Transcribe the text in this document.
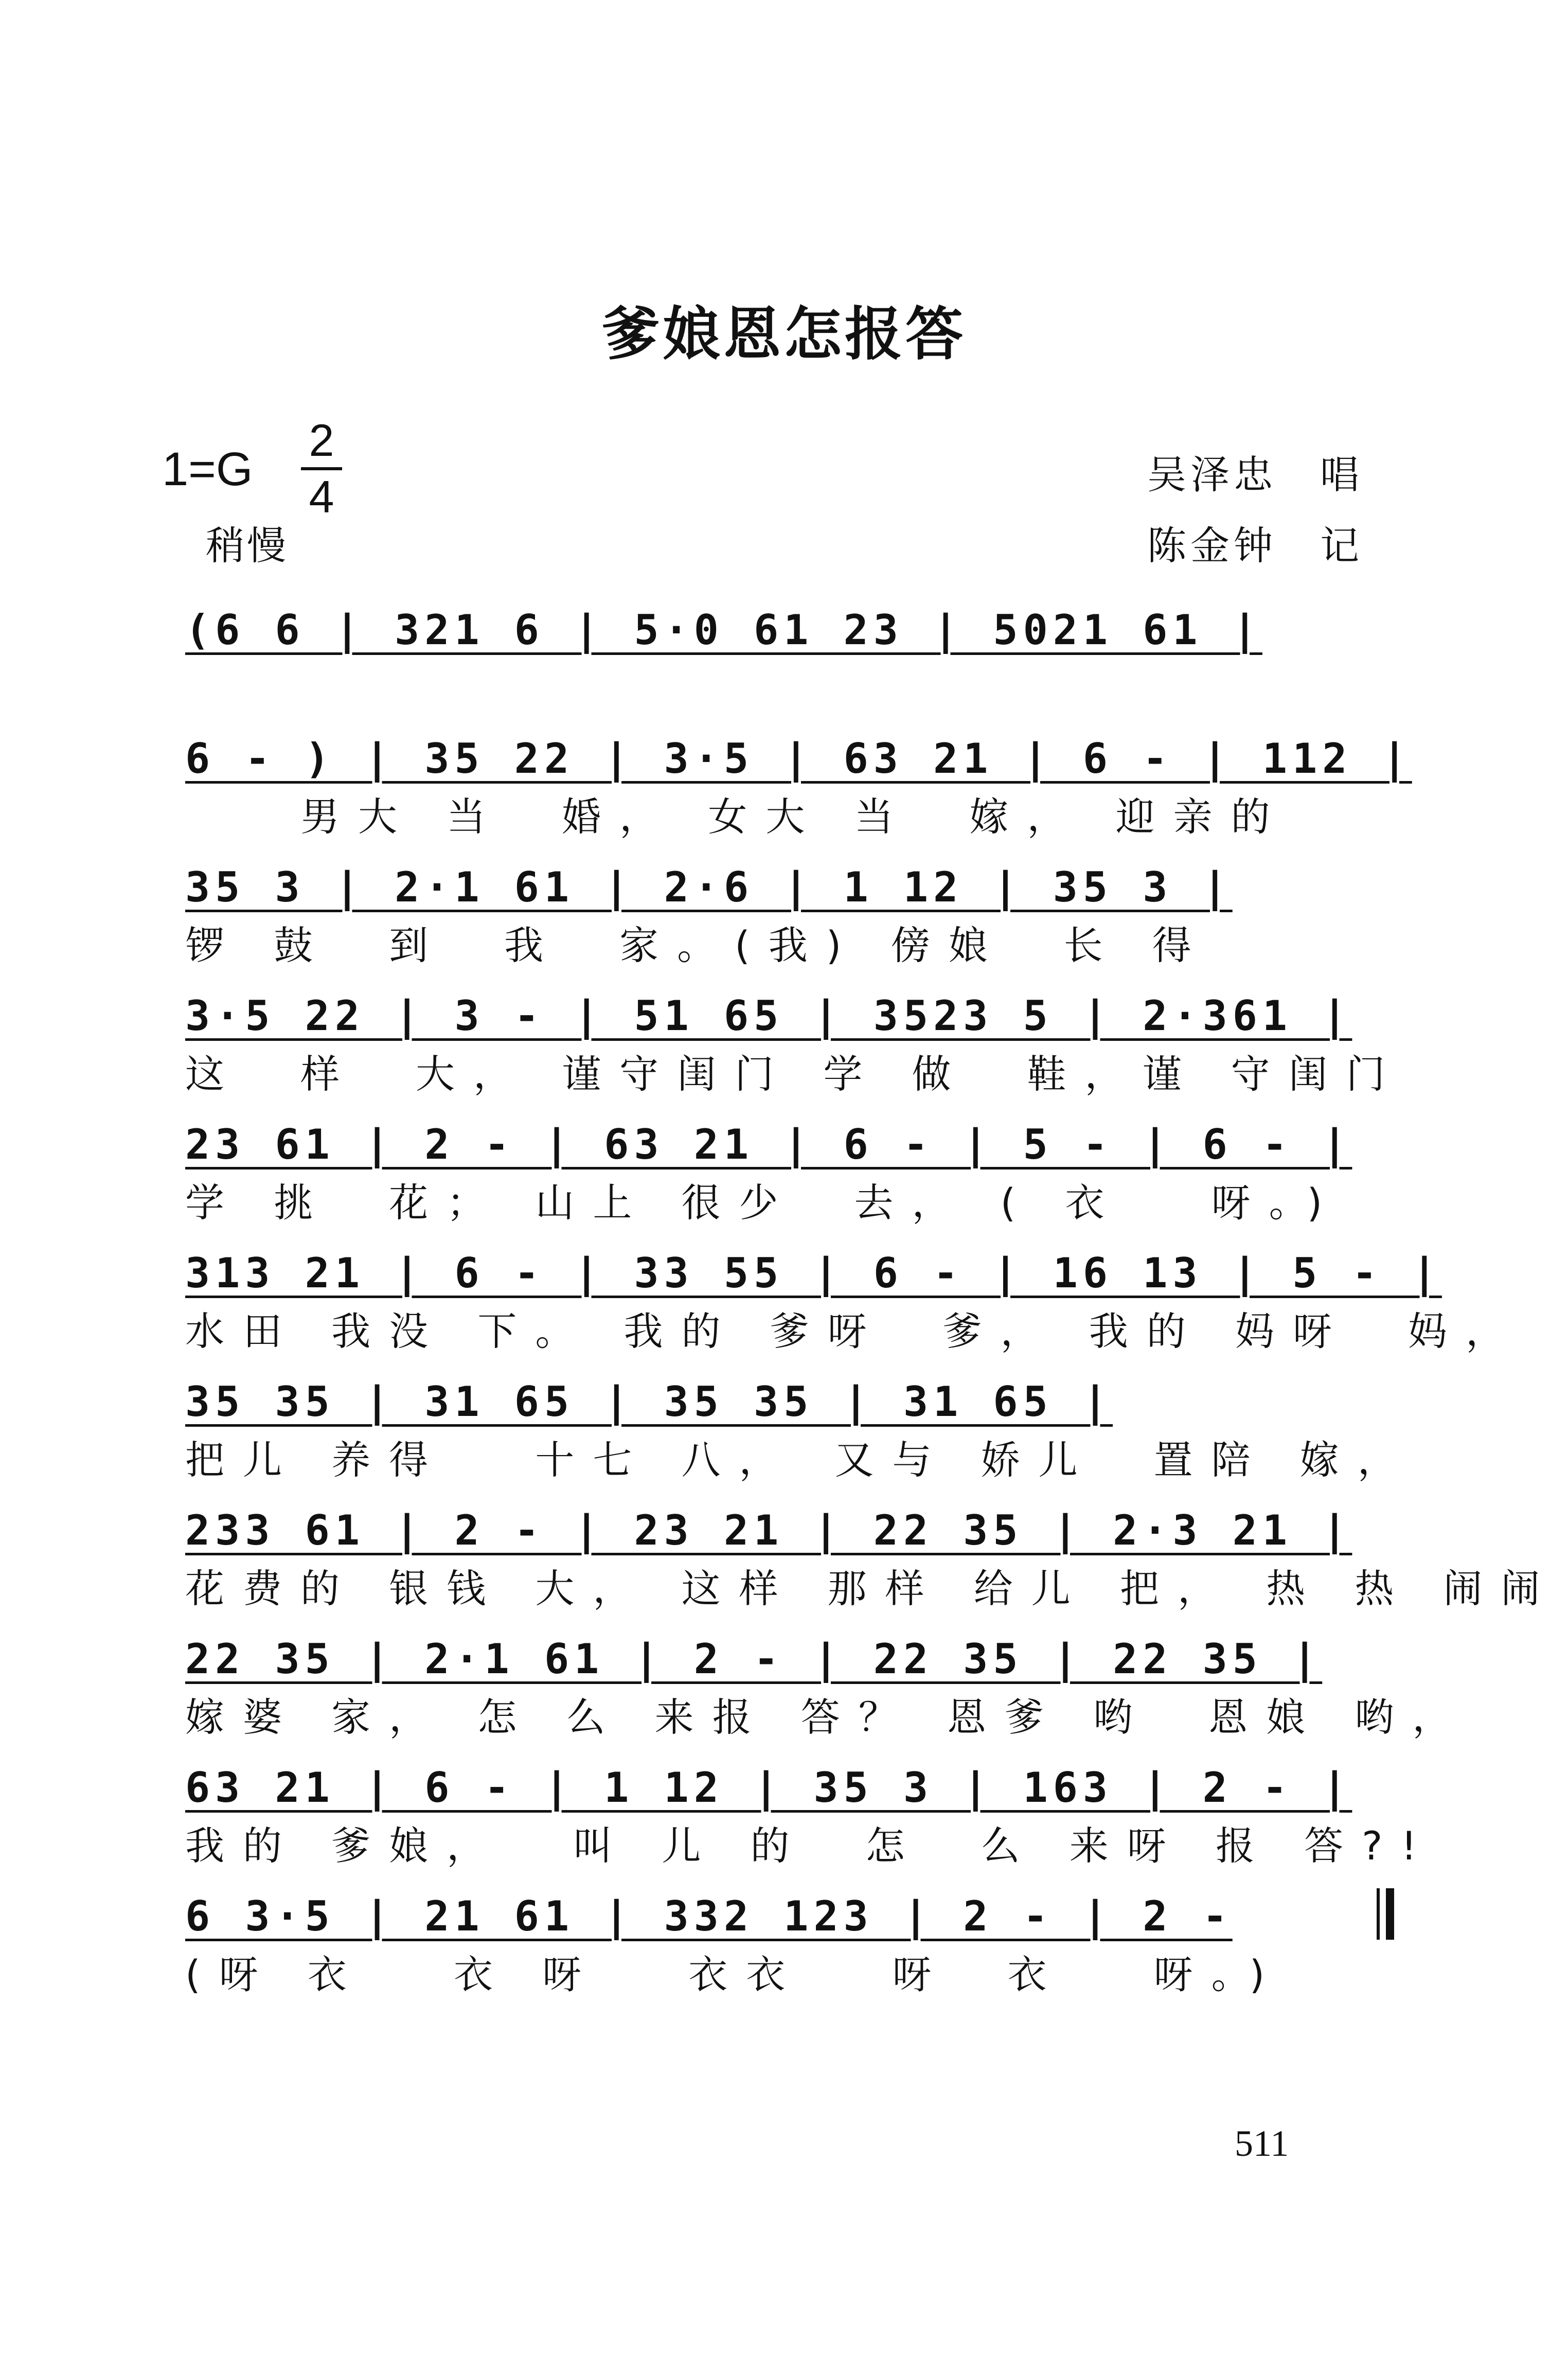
爹娘恩怎报答
1=G
2
4
稍慢
吴泽忠　唱
陈金钟　记
(6 6 | 321 6 | 5·0 61 23 | 5021 61 |
6 - ) | 35 22 | 3·5 | 63 21 | 6 - | 112 |
　　男大 当　婚， 女大 当　嫁， 迎亲的
35 3 | 2·1 61 | 2·6 | 1 12 | 35 3 |
锣 鼓　到　我　家。(我) 傍娘　长 得
3·5 22 | 3 - | 51 65 | 3523 5 | 2·361 |
这　样　大， 谨守闺门 学 做　鞋，谨 守闺门
23 61 | 2 - | 63 21 | 6 - | 5 - | 6 - |
学 挑　花； 山上 很少　去， ( 衣　 呀。)
313 21 | 6 - | 33 55 | 6 - | 16 13 | 5 - |
水田 我没 下。 我的 爹呀　爹， 我的 妈呀　妈，
35 35 | 31 65 | 35 35 | 31 65 |
把儿 养得　 十七 八，　又与 娇儿　置陪 嫁，
233 61 | 2 - | 23 21 | 22 35 | 2·3 21 |
花费的 银钱 大， 这样 那样 给儿 把， 热 热 闹闹
22 35 | 2·1 61 | 2 - | 22 35 | 22 35 |
嫁婆 家， 怎 么 来报 答？ 恩爹 哟　恩娘 哟，
63 21 | 6 - | 1 12 | 35 3 | 163 | 2 - |
我的 爹娘，　 叫 儿 的　怎　么 来呀 报 答?!
6 3·5 | 21 61 | 332 123 | 2 - | 2 -
(呀 衣　 衣 呀　 衣衣　 呀　衣　 呀。)
511
